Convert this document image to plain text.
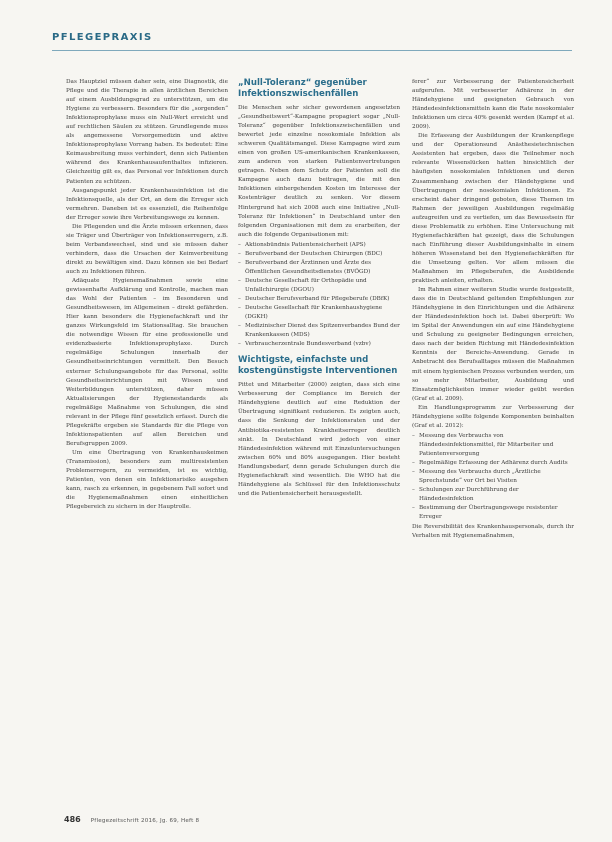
PFLEGEPRAXIS

Das Hauptziel müssen daher sein, eine Diagnostik, die Pflege und die Therapie in allen ärztlichen Bereichen auf einem Ausbildungsgrad zu unterstützen, um die Hygiene zu verbessern. Besonders für die „sorgenden“ Infektionsprophylaxe muss ein Null-Wert erreicht und auf rechtlichen Säulen zu stützen. Grundlegende muss als angemessene Vorsorgemedizin und aktive Infektionsprophylaxe Vorrang haben. Es bedeutet: Eine Keimausbreitung muss verhindert, denn sich Patienten während des Krankenhausaufenthaltes infizieren. Gleichzeitig gilt es, das Personal vor Infektionen durch Patienten zu schützen.

Ausgangspunkt jeder Krankenhausinfektion ist die Infektionsquelle, als der Ort, an dem die Erreger sich vermehren. Daneben ist es essenziell, die Reihenfolge der Erreger sowie ihre Verbreitungswege zu kennen.

Die Pflegenden und die Ärzte müssen erkennen, dass sie Träger und Überträger von Infektionserregern, z.B. beim Verbandswechsel, sind und sie müssen daher verhindern, dass die Ursachen der Keimverbreitung direkt zu bewältigen sind. Dazu können sie bei Bedarf auch zu Infektionen führen.

Adäquate Hygienemaßnahmen sowie eine gewissenhafte Aufklärung und Kontrolle, machen man das Wohl der Patienten – im Besonderen und Gesundheitswesen, im Allgemeinen – direkt gefährden. Hier kann besonders die Hygienefachkraft und ihr ganzes Wirkungsfeld im Stationsalltag. Sie brauchen die notwendige Wissen für eine professionelle und evidenzbasierte Infektionsprophylaxe. Durch regelmäßige Schulungen innerhalb der Gesundheitseinrichtungen vermittelt. Den Besuch externer Schulungsangebote für das Personal, sollte Gesundheitseinrichtungen mit Wissen und Weiterbildungen unterstützen, daher müssen Aktualisierungen der Hygienestandards als regelmäßige Maßnahme von Schulungen, die sind relevant in der Pflege fünf gesetzlich erfasst. Durch die Pflegekräfte ergeben sie Standards für die Pflege von Infektionspatienten auf allen Bereichen und Berufsgruppen 2009.

Um eine Übertragung von Krankenhauskeimen (Transmission), besonders zum multiresistenten Problemerregern, zu vermeiden, ist es wichtig, Patienten, von denen ein Infektionsrisiko ausgehen kann, rasch zu erkennen, in gegebenem Fall sofort und die Hygienemaßnahmen einen einheitlichen Pflegebereich zu sichern in der Hauptrolle.

„Null-Toleranz“ gegenüber Infektionszwischenfällen

Die Menschen sehr sicher gewordenen angesetzten „Gesundheitswert“-Kampagne propagiert sogar „Null-Toleranz“ gegenüber Infektionszwischenfällen und bewertet jede einzelne nosokomiale Infektion als schweren Qualitätsmangel. Diese Kampagne wird zum einen von großen US-amerikanischen Krankenkassen, zum anderen von starken Patientenvertretungen getragen. Neben dem Schutz der Patienten soll die Kampagne auch dazu beitragen, die mit den Infektionen einhergehenden Kosten im Interesse der Kostenträger deutlich zu senken. Vor diesem Hintergrund hat sich 2008 auch eine Initiative „Null-Toleranz für Infektionen“ in Deutschland unter den folgenden Organisationen mit dem zu erarbeiten, der auch die folgende Organisationen mit:

– Aktionsbündnis Patientensicherheit (APS)
– Berufsverband der Deutschen Chirurgen (BDC)
– Berufsverband der Ärztinnen und Ärzte des Öffentlichen Gesundheitsdienstes (BVÖGD)
– Deutsche Gesellschaft für Orthopädie und Unfallchirurgie (DGOU)
– Deutscher Berufsverband für Pflegeberufe (DBfK)
– Deutsche Gesellschaft für Krankenhaushygiene (DGKH)
– Medizinischer Dienst des Spitzenverbandes Bund der Krankenkassen (MDS)
– Verbraucherzentrale Bundesverband (vzbv)
Wichtigste, einfachste und kostengünstigste Interventionen

Pittet und Mitarbeiter (2000) zeigten, dass sich eine Verbesserung der Compliance im Bereich der Händehygiene deutlich auf eine Reduktion der Übertragung signifikant reduzieren. Es zeigten auch, dass die Senkung der Infektionsraten und der Antibiotika-resistenten Krankheitserreger deutlich sinkt. In Deutschland wird jedoch von einer Händedesinfektion während mit Einzeluntersuchungen zwischen 60% und 80% ausgegangen. Hier besteht Handlungsbedarf, denn gerade Schulungen durch die Hygienefachkraft sind wesentlich. Die WHO hat die Händehygiene als Schlüssel für den Infektionsschutz und die Patientensicherheit herausgestellt.

ferer“ zur Verbesserung der Patientensicherheit aufgerufen. Mit verbesserter Adhärenz in der Händehygiene und geeigneten Gebrauch von Händedesinfektionsmitteln kann die Rate nosokomialer Infektionen um circa 40% gesenkt werden (Kampf et al. 2009).

Die Erfassung der Ausbildungen der Krankenpflege und der Operationsund Anästhesietechnischen Assistenten hat ergeben, dass die Teilnehmer noch relevante Wissenslücken hatten hinsichtlich der häufigsten nosokomialen Infektionen und deren Zusammenhang zwischen der Händehygiene und Übertragungen der nosokomialen Infektionen. Es erscheint daher dringend geboten, diese Themen im Rahmen der jeweiligen Ausbildungen regelmäßig aufzugreifen und zu vertiefen, um das Bewusstsein für diese Problematik zu erhöhen. Eine Untersuchung mit Hygienefachkräften hat gezeigt, dass die Schulungen nach Einführung dieser Ausbildungsinhalte in einem höheren Wissenstand bei den Hygienefachkräften für die Umsetzung gelten. Vor allem müssen die Maßnahmen im Pflegeberufen, die Ausbildende praktisch anleiten, erhalten.

Im Rahmen einer weiteren Studie wurde festgestellt, dass die in Deutschland geltenden Empfehlungen zur Händehygiene in den Einrichtungen und die Adhärenz der Händedesinfektion hoch ist. Dabei überprüft: Wo im Spital der Anwendungen ein auf eine Händehygiene und Schulung zu geeigneter Bedingungen erreichen, dass nach der beiden Richtung mit Händedesinfektion Kenntnis der Bereichs-Anwendung. Gerade in Anbetracht des Berufsalltages müssen die Maßnahmen mit einem hygienischen Prozess verbunden werden, um so mehr Mitarbeiter, Ausbildung und Einsatzmöglichkeiten immer wieder geübt werden (Graf et al. 2009).

Ein Handlungsprogramm zur Verbesserung der Händehygiene sollte folgende Komponenten beinhalten (Graf et al. 2012):

– Messung des Verbrauchs von Händedesinfektionsmittel, für Mitarbeiter und Patientenversorgung
– Regelmäßige Erfassung der Adhärenz durch Audits
– Messung des Verbrauchs durch „Ärztliche Sprechstunde“ vor Ort bei Visiten
– Schulungen zur Durchführung der Händedesinfektion
– Bestimmung der Übertragungswege resistenter Erreger

Die Reversibilität des Krankenhauspersonals, durch ihr Verhalten mit Hygienemaßnahmen,

486 Pflegezeitschrift 2016, Jg. 69, Heft 8
